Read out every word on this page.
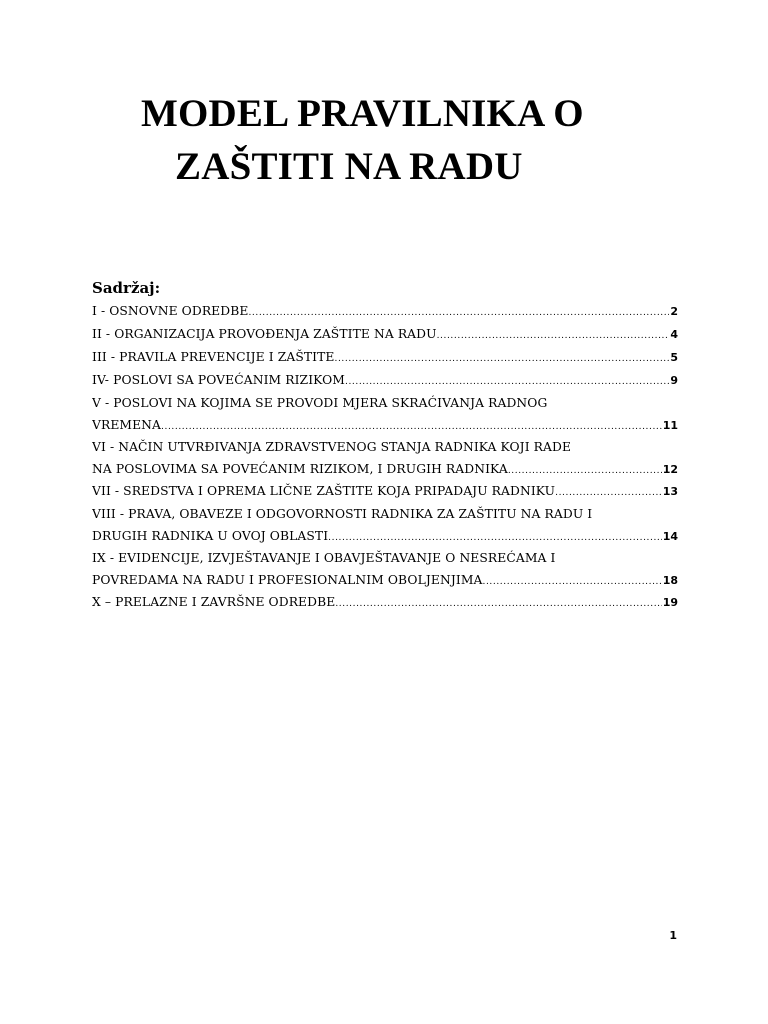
MODEL PRAVILNIKA O
ZAŠTITI NA RADU
Sadržaj:
I - OSNOVNE ODREDBE .....	2
II - ORGANIZACIJA PROVOĐENJA ZAŠTITE NA RADU .....	4
III - PRAVILA PREVENCIJE I ZAŠTITE .....	5
IV- POSLOVI SA POVEĆANIM RIZIKOM .....	9
V - POSLOVI NA KOJIMA SE PROVODI MJERA SKRAĆIVANJA RADNOG
VREMENA .....	11
VI - NAČIN UTVRĐIVANJA ZDRAVSTVENOG STANJA RADNIKA KOJI RADE
NA POSLOVIMA SA POVEĆANIM RIZIKOM, I DRUGIH RADNIKA .....	12
VII - SREDSTVA I OPREMA LIČNE ZAŠTITE KOJA PRIPADAJU RADNIKU .....	13
VIII - PRAVA, OBAVEZE I ODGOVORNOSTI RADNIKA ZA ZAŠTITU NA RADU I
DRUGIH RADNIKA U OVOJ OBLASTI .....	14
IX - EVIDENCIJE, IZVJEŠTAVANJE I OBAVJEŠTAVANJE O NESREĆAMA I
POVREDAMA NA RADU I PROFESIONALNIM OBOLJENJIMA .....	18
X – PRELAZNE I ZAVRŠNE ODREDBE .....	19
1
